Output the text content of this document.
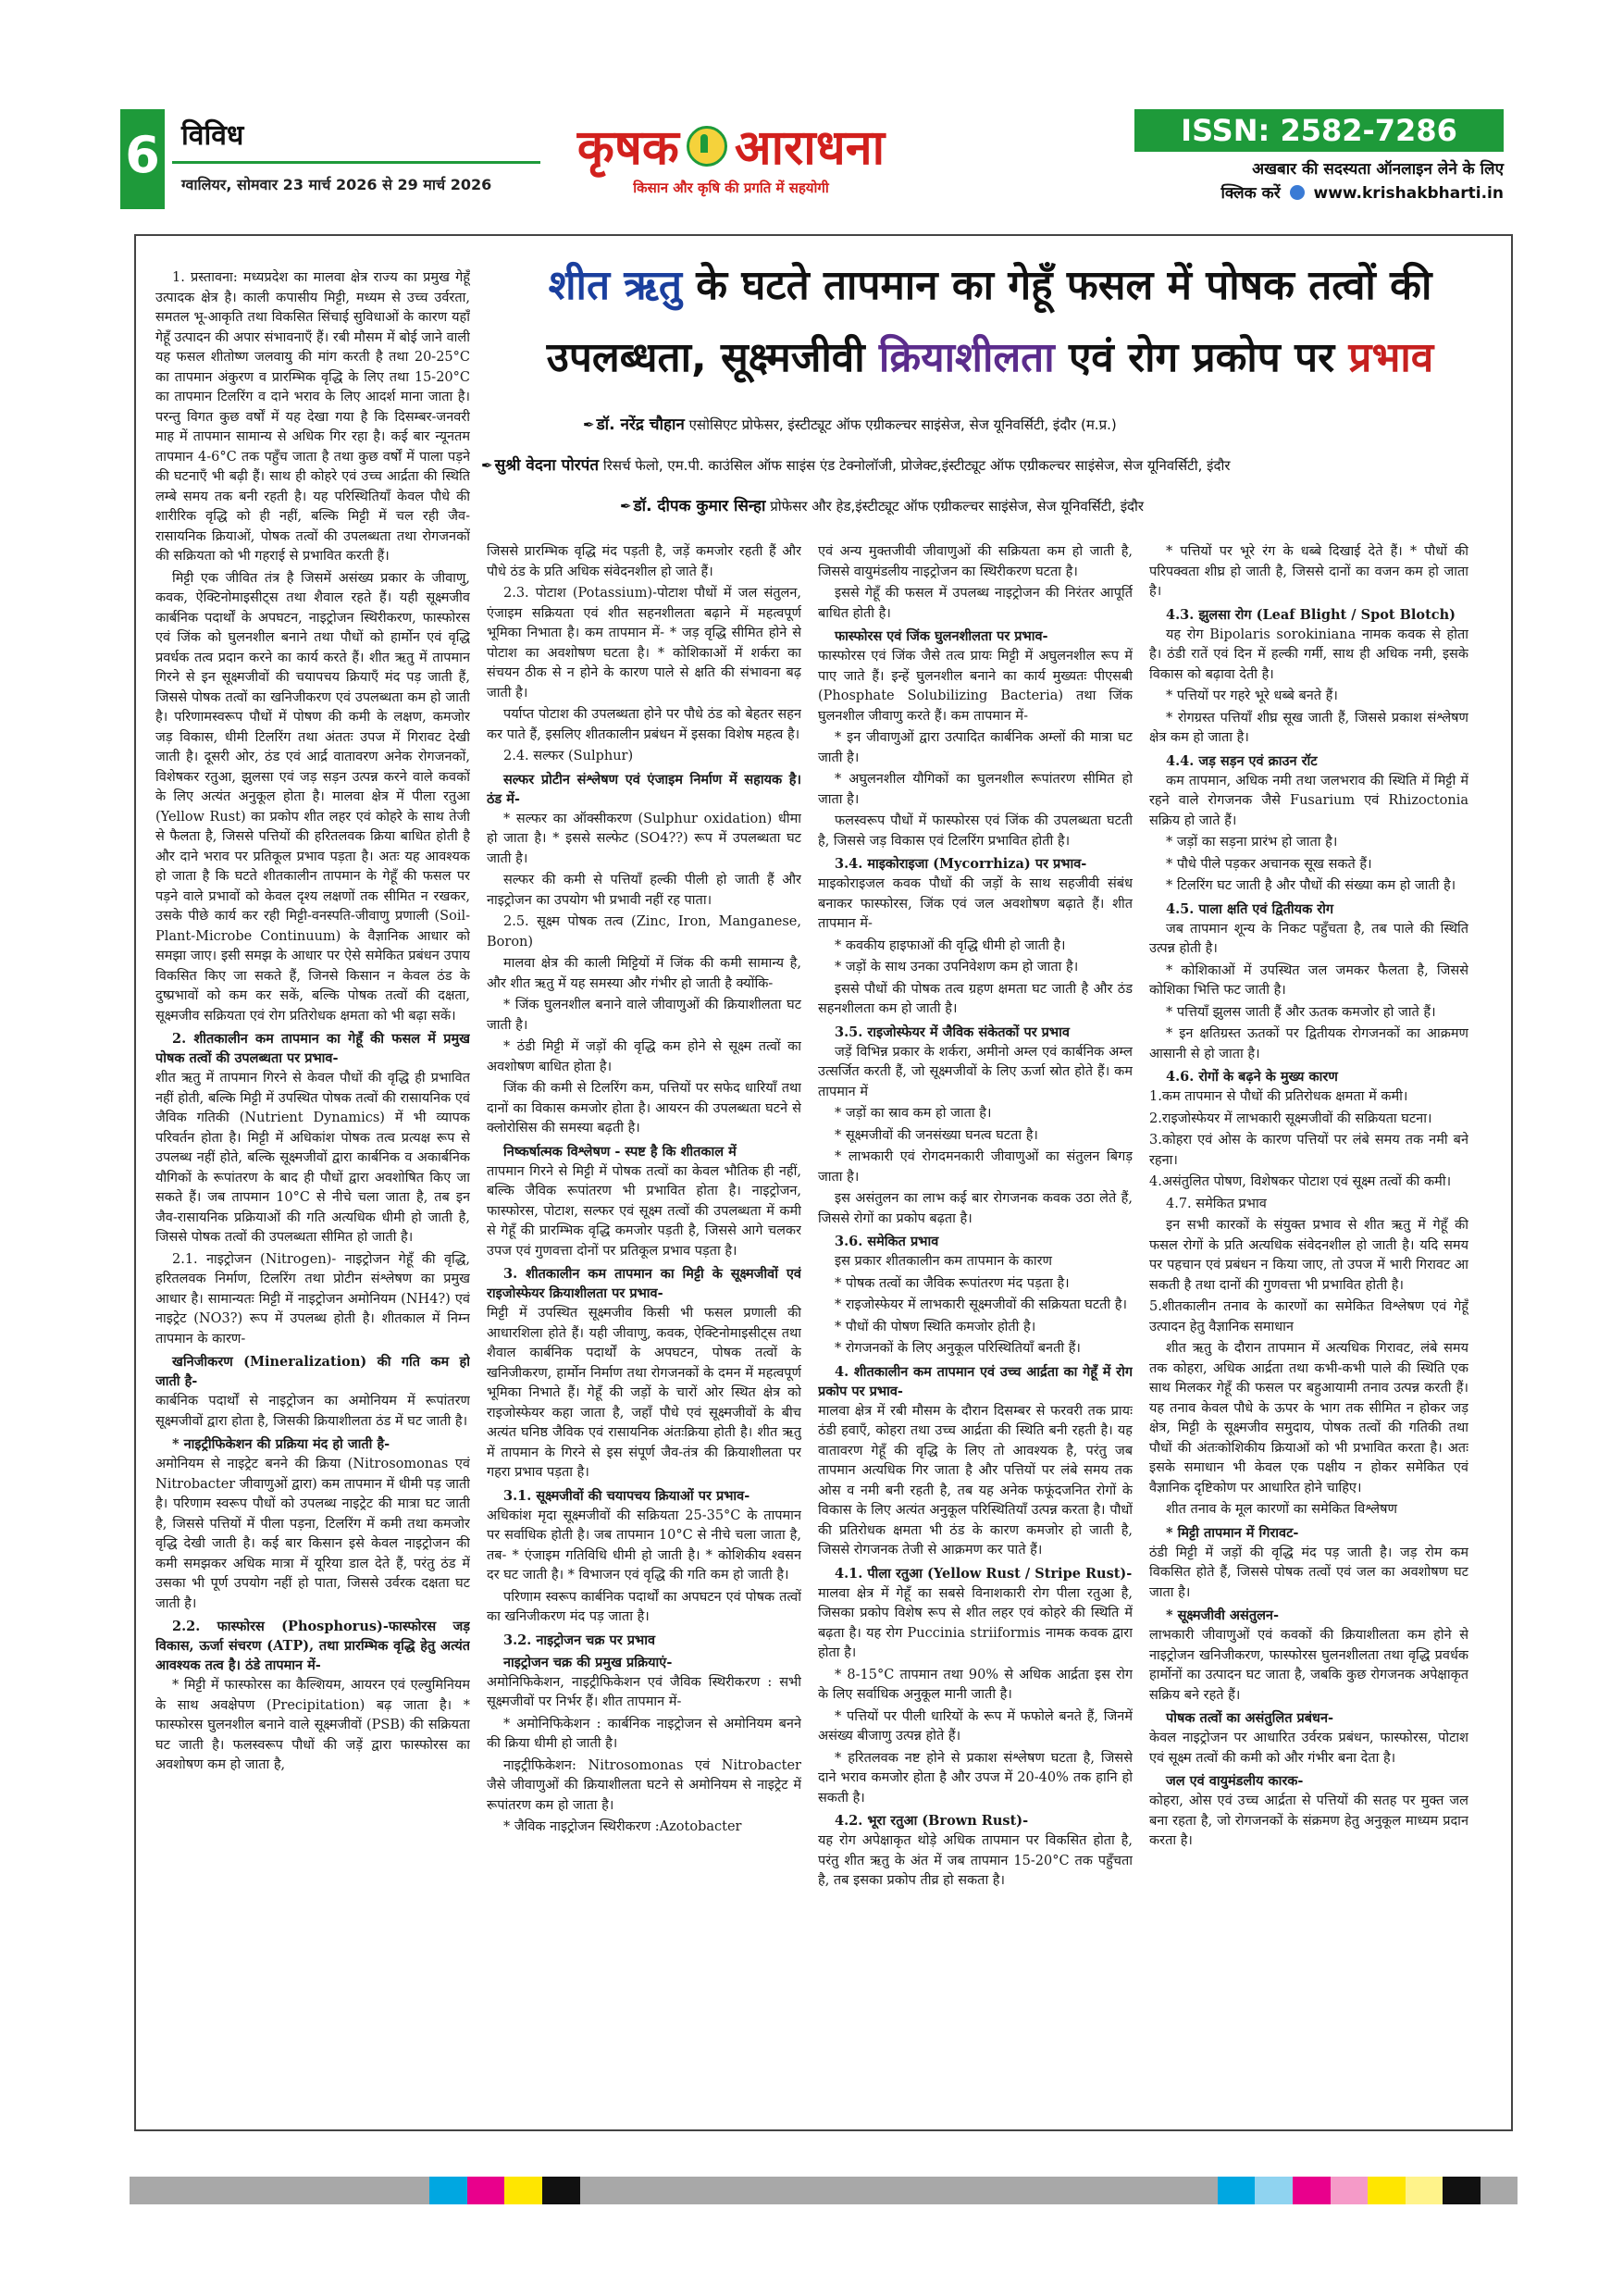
6 विविध
ग्वालियर, सोमवार 23 मार्च 2026 से 29 मार्च 2026
कृषक आराधना
किसान और कृषि की प्रगति में सहयोगी
ISSN: 2582-7286
अखबार की सदस्यता ऑनलाइन लेने के लिए
क्लिक करें www.krishakbharti.in
शीत ऋतु के घटते तापमान का गेहूँ फसल में पोषक तत्वों की उपलब्धता, सूक्ष्मजीवी क्रियाशीलता एवं रोग प्रकोप पर प्रभाव
✒ डॉ. नरेंद्र चौहान एसोसिएट प्रोफेसर, इंस्टीट्यूट ऑफ एग्रीकल्चर साइंसेज, सेज यूनिवर्सिटी, इंदौर (म.प्र.)
✒ सुश्री वेदना पोरपंत रिसर्च फेलो, एम.पी. काउंसिल ऑफ साइंस एंड टेक्नोलॉजी, प्रोजेक्ट,इंस्टीट्यूट ऑफ एग्रीकल्चर साइंसेज, सेज यूनिवर्सिटी, इंदौर
✒ डॉ. दीपक कुमार सिन्हा प्रोफेसर और हेड,इंस्टीट्यूट ऑफ एग्रीकल्चर साइंसेज, सेज यूनिवर्सिटी, इंदौर

1. प्रस्तावना: मध्यप्रदेश का मालवा क्षेत्र राज्य का प्रमुख गेहूँ उत्पादक क्षेत्र है। काली कपासीय मिट्टी, मध्यम से उच्च उर्वरता, समतल भू-आकृति तथा विकसित सिंचाई सुविधाओं के कारण यहाँ गेहूँ उत्पादन की अपार संभावनाएँ हैं। रबी मौसम में बोई जाने वाली यह फसल शीतोष्ण जलवायु की मांग करती है तथा 20-25°C का तापमान अंकुरण व प्रारम्भिक वृद्धि के लिए तथा 15-20°C का तापमान टिलरिंग व दाने भराव के लिए आदर्श माना जाता है। परन्तु विगत कुछ वर्षों में यह देखा गया है कि दिसम्बर-जनवरी माह में तापमान सामान्य से अधिक गिर रहा है। कई बार न्यूनतम तापमान 4-6°C तक पहुँच जाता है तथा कुछ वर्षों में पाला पड़ने की घटनाएँ भी बढ़ी हैं। साथ ही कोहरे एवं उच्च आर्द्रता की स्थिति लम्बे समय तक बनी रहती है। यह परिस्थितियाँ केवल पौधे की शारीरिक वृद्धि को ही नहीं, बल्कि मिट्टी में चल रही जैव-रासायनिक क्रियाओं, पोषक तत्वों की उपलब्धता तथा रोगजनकों की सक्रियता को भी गहराई से प्रभावित करती हैं।

मिट्टी एक जीवित तंत्र है जिसमें असंख्य प्रकार के जीवाणु, कवक, ऐक्टिनोमाइसीट्स तथा शैवाल रहते हैं। यही सूक्ष्मजीव कार्बनिक पदार्थों के अपघटन, नाइट्रोजन स्थिरीकरण, फास्फोरस एवं जिंक को घुलनशील बनाने तथा पौधों को हार्मोन एवं वृद्धि प्रवर्धक तत्व प्रदान करने का कार्य करते हैं। शीत ऋतु में तापमान गिरने से इन सूक्ष्मजीवों की चयापचय क्रियाएँ मंद पड़ जाती हैं, जिससे पोषक तत्वों का खनिजीकरण एवं उपलब्धता कम हो जाती है। परिणामस्वरूप पौधों में पोषण की कमी के लक्षण, कमजोर जड़ विकास, धीमी टिलरिंग तथा अंततः उपज में गिरावट देखी जाती है। दूसरी ओर, ठंड एवं आर्द्र वातावरण अनेक रोगजनकों, विशेषकर रतुआ, झुलसा एवं जड़ सड़न उत्पन्न करने वाले कवकों के लिए अत्यंत अनुकूल होता है। मालवा क्षेत्र में पीला रतुआ (Yellow Rust) का प्रकोप शीत लहर एवं कोहरे के साथ तेजी से फैलता है, जिससे पत्तियों की हरितलवक क्रिया बाधित होती है और दाने भराव पर प्रतिकूल प्रभाव पड़ता है। अतः यह आवश्यक हो जाता है कि घटते शीतकालीन तापमान के गेहूँ की फसल पर पड़ने वाले प्रभावों को केवल दृश्य लक्षणों तक सीमित न रखकर, उसके पीछे कार्य कर रही मिट्टी-वनस्पति-जीवाणु प्रणाली (Soil-Plant-Microbe Continuum) के वैज्ञानिक आधार को समझा जाए। इसी समझ के आधार पर ऐसे समेकित प्रबंधन उपाय विकसित किए जा सकते हैं, जिनसे किसान न केवल ठंड के दुष्प्रभावों को कम कर सकें, बल्कि पोषक तत्वों की दक्षता, सूक्ष्मजीव सक्रियता एवं रोग प्रतिरोधक क्षमता को भी बढ़ा सकें।

2. शीतकालीन कम तापमान का गेहूँ की फसल में प्रमुख पोषक तत्वों की उपलब्धता पर प्रभाव-

शीत ऋतु में तापमान गिरने से केवल पौधों की वृद्धि ही प्रभावित नहीं होती, बल्कि मिट्टी में उपस्थित पोषक तत्वों की रासायनिक एवं जैविक गतिकी (Nutrient Dynamics) में भी व्यापक परिवर्तन होता है। मिट्टी में अधिकांश पोषक तत्व प्रत्यक्ष रूप से उपलब्ध नहीं होते, बल्कि सूक्ष्मजीवों द्वारा कार्बनिक व अकार्बनिक यौगिकों के रूपांतरण के बाद ही पौधों द्वारा अवशोषित किए जा सकते हैं। जब तापमान 10°C से नीचे चला जाता है, तब इन जैव-रासायनिक प्रक्रियाओं की गति अत्यधिक धीमी हो जाती है, जिससे पोषक तत्वों की उपलब्धता सीमित हो जाती है।

2.1. नाइट्रोजन (Nitrogen)- नाइट्रोजन गेहूँ की वृद्धि, हरितलवक निर्माण, टिलरिंग तथा प्रोटीन संश्लेषण का प्रमुख आधार है। सामान्यतः मिट्टी में नाइट्रोजन अमोनियम (NH4?) एवं नाइट्रेट (NO3?) रूप में उपलब्ध होती है। शीतकाल में निम्न तापमान के कारण-

खनिजीकरण (Mineralization) की गति कम हो जाती है-

कार्बनिक पदार्थों से नाइट्रोजन का अमोनियम में रूपांतरण सूक्ष्मजीवों द्वारा होता है, जिसकी क्रियाशीलता ठंड में घट जाती है।

* नाइट्रीफिकेशन की प्रक्रिया मंद हो जाती है-

अमोनियम से नाइट्रेट बनने की क्रिया (Nitrosomonas एवं Nitrobacter जीवाणुओं द्वारा) कम तापमान में धीमी पड़ जाती है। परिणाम स्वरूप पौधों को उपलब्ध नाइट्रेट की मात्रा घट जाती है, जिससे पत्तियों में पीला पड़ना, टिलरिंग में कमी तथा कमजोर वृद्धि देखी जाती है। कई बार किसान इसे केवल नाइट्रोजन की कमी समझकर अधिक मात्रा में यूरिया डाल देते हैं, परंतु ठंड में उसका भी पूर्ण उपयोग नहीं हो पाता, जिससे उर्वरक दक्षता घट जाती है।

2.2. फास्फोरस (Phosphorus)-फास्फोरस जड़ विकास, ऊर्जा संचरण (ATP), तथा प्रारम्भिक वृद्धि हेतु अत्यंत आवश्यक तत्व है। ठंडे तापमान में-

* मिट्टी में फास्फोरस का कैल्शियम, आयरन एवं एल्युमिनियम के साथ अवक्षेपण (Precipitation) बढ़ जाता है। * फास्फोरस घुलनशील बनाने वाले सूक्ष्मजीवों (PSB) की सक्रियता घट जाती है। फलस्वरूप पौधों की जड़ें द्वारा फास्फोरस का अवशोषण कम हो जाता है,

जिससे प्रारम्भिक वृद्धि मंद पड़ती है, जड़ें कमजोर रहती हैं और पौधे ठंड के प्रति अधिक संवेदनशील हो जाते हैं।

2.3. पोटाश (Potassium)-पोटाश पौधों में जल संतुलन, एंजाइम सक्रियता एवं शीत सहनशीलता बढ़ाने में महत्वपूर्ण भूमिका निभाता है। कम तापमान में- * जड़ वृद्धि सीमित होने से पोटाश का अवशोषण घटता है। * कोशिकाओं में शर्करा का संचयन ठीक से न होने के कारण पाले से क्षति की संभावना बढ़ जाती है।

पर्याप्त पोटाश की उपलब्धता होने पर पौधे ठंड को बेहतर सहन कर पाते हैं, इसलिए शीतकालीन प्रबंधन में इसका विशेष महत्व है।

2.4. सल्फर (Sulphur)

सल्फर प्रोटीन संश्लेषण एवं एंजाइम निर्माण में सहायक है। ठंड में-

* सल्फर का ऑक्सीकरण (Sulphur oxidation) धीमा हो जाता है। * इससे सल्फेट (SO4??) रूप में उपलब्धता घट जाती है।

सल्फर की कमी से पत्तियाँ हल्की पीली हो जाती हैं और नाइट्रोजन का उपयोग भी प्रभावी नहीं रह पाता।

2.5. सूक्ष्म पोषक तत्व (Zinc, Iron, Manganese, Boron)

मालवा क्षेत्र की काली मिट्टियों में जिंक की कमी सामान्य है, और शीत ऋतु में यह समस्या और गंभीर हो जाती है क्योंकि-

* जिंक घुलनशील बनाने वाले जीवाणुओं की क्रियाशीलता घट जाती है।

* ठंडी मिट्टी में जड़ों की वृद्धि कम होने से सूक्ष्म तत्वों का अवशोषण बाधित होता है।

जिंक की कमी से टिलरिंग कम, पत्तियों पर सफेद धारियाँ तथा दानों का विकास कमजोर होता है। आयरन की उपलब्धता घटने से क्लोरोसिस की समस्या बढ़ती है।

निष्कर्षात्मक विश्लेषण - स्पष्ट है कि शीतकाल में

तापमान गिरने से मिट्टी में पोषक तत्वों का केवल भौतिक ही नहीं, बल्कि जैविक रूपांतरण भी प्रभावित होता है। नाइट्रोजन, फास्फोरस, पोटाश, सल्फर एवं सूक्ष्म तत्वों की उपलब्धता में कमी से गेहूँ की प्रारम्भिक वृद्धि कमजोर पड़ती है, जिससे आगे चलकर उपज एवं गुणवत्ता दोनों पर प्रतिकूल प्रभाव पड़ता है।

3. शीतकालीन कम तापमान का मिट्टी के सूक्ष्मजीवों एवं राइजोस्फेयर क्रियाशीलता पर प्रभाव-

मिट्टी में उपस्थित सूक्ष्मजीव किसी भी फसल प्रणाली की आधारशिला होते हैं। यही जीवाणु, कवक, ऐक्टिनोमाइसीट्स तथा शैवाल कार्बनिक पदार्थों के अपघटन, पोषक तत्वों के खनिजीकरण, हार्मोन निर्माण तथा रोगजनकों के दमन में महत्वपूर्ण भूमिका निभाते हैं। गेहूँ की जड़ों के चारों ओर स्थित क्षेत्र को राइजोस्फेयर कहा जाता है, जहाँ पौधे एवं सूक्ष्मजीवों के बीच अत्यंत घनिष्ठ जैविक एवं रासायनिक अंतःक्रिया होती है। शीत ऋतु में तापमान के गिरने से इस संपूर्ण जैव-तंत्र की क्रियाशीलता पर गहरा प्रभाव पड़ता है।

3.1. सूक्ष्मजीवों की चयापचय क्रियाओं पर प्रभाव-

अधिकांश मृदा सूक्ष्मजीवों की सक्रियता 25-35°C के तापमान पर सर्वाधिक होती है। जब तापमान 10°C से नीचे चला जाता है, तब- * एंजाइम गतिविधि धीमी हो जाती है। * कोशिकीय श्वसन दर घट जाती है। * विभाजन एवं वृद्धि की गति कम हो जाती है।

परिणाम स्वरूप कार्बनिक पदार्थों का अपघटन एवं पोषक तत्वों का खनिजीकरण मंद पड़ जाता है।

3.2. नाइट्रोजन चक्र पर प्रभाव
नाइट्रोजन चक्र की प्रमुख प्रक्रियाएं-

अमोनिफिकेशन, नाइट्रीफिकेशन एवं जैविक स्थिरीकरण : सभी सूक्ष्मजीवों पर निर्भर हैं। शीत तापमान में-

* अमोनिफिकेशन : कार्बनिक नाइट्रोजन से अमोनियम बनने की क्रिया धीमी हो जाती है।

नाइट्रीफिकेशन: Nitrosomonas एवं Nitrobacter जैसे जीवाणुओं की क्रियाशीलता घटने से अमोनियम से नाइट्रेट में रूपांतरण कम हो जाता है।

* जैविक नाइट्रोजन स्थिरीकरण :Azotobacter

एवं अन्य मुक्तजीवी जीवाणुओं की सक्रियता कम हो जाती है, जिससे वायुमंडलीय नाइट्रोजन का स्थिरीकरण घटता है।

इससे गेहूँ की फसल में उपलब्ध नाइट्रोजन की निरंतर आपूर्ति बाधित होती है।

फास्फोरस एवं जिंक घुलनशीलता पर प्रभाव-

फास्फोरस एवं जिंक जैसे तत्व प्रायः मिट्टी में अघुलनशील रूप में पाए जाते हैं। इन्हें घुलनशील बनाने का कार्य मुख्यतः पीएसबी (Phosphate Solubilizing Bacteria) तथा जिंक घुलनशील जीवाणु करते हैं। कम तापमान में-

* इन जीवाणुओं द्वारा उत्पादित कार्बनिक अम्लों की मात्रा घट जाती है।

* अघुलनशील यौगिकों का घुलनशील रूपांतरण सीमित हो जाता है।

फलस्वरूप पौधों में फास्फोरस एवं जिंक की उपलब्धता घटती है, जिससे जड़ विकास एवं टिलरिंग प्रभावित होती है।

3.4. माइकोराइजा (Mycorrhiza) पर प्रभाव-

माइकोराइजल कवक पौधों की जड़ों के साथ सहजीवी संबंध बनाकर फास्फोरस, जिंक एवं जल अवशोषण बढ़ाते हैं। शीत तापमान में-

* कवकीय हाइफाओं की वृद्धि धीमी हो जाती है।

* जड़ों के साथ उनका उपनिवेशण कम हो जाता है।

इससे पौधों की पोषक तत्व ग्रहण क्षमता घट जाती है और ठंड सहनशीलता कम हो जाती है।

3.5. राइजोस्फेयर में जैविक संकेतकों पर प्रभाव

जड़ें विभिन्न प्रकार के शर्करा, अमीनो अम्ल एवं कार्बनिक अम्ल उत्सर्जित करती हैं, जो सूक्ष्मजीवों के लिए ऊर्जा स्रोत होते हैं। कम तापमान में

* जड़ों का स्राव कम हो जाता है।

* सूक्ष्मजीवों की जनसंख्या घनत्व घटता है।

* लाभकारी एवं रोगदमनकारी जीवाणुओं का संतुलन बिगड़ जाता है।

इस असंतुलन का लाभ कई बार रोगजनक कवक उठा लेते हैं, जिससे रोगों का प्रकोप बढ़ता है।

3.6. समेकित प्रभाव

इस प्रकार शीतकालीन कम तापमान के कारण

* पोषक तत्वों का जैविक रूपांतरण मंद पड़ता है।

* राइजोस्फेयर में लाभकारी सूक्ष्मजीवों की सक्रियता घटती है।

* पौधों की पोषण स्थिति कमजोर होती है।

* रोगजनकों के लिए अनुकूल परिस्थितियाँ बनती हैं।

4. शीतकालीन कम तापमान एवं उच्च आर्द्रता का गेहूँ में रोग प्रकोप पर प्रभाव-

मालवा क्षेत्र में रबी मौसम के दौरान दिसम्बर से फरवरी तक प्रायः ठंडी हवाएँ, कोहरा तथा उच्च आर्द्रता की स्थिति बनी रहती है। यह वातावरण गेहूँ की वृद्धि के लिए तो आवश्यक है, परंतु जब तापमान अत्यधिक गिर जाता है और पत्तियों पर लंबे समय तक ओस व नमी बनी रहती है, तब यह अनेक फफूंदजनित रोगों के विकास के लिए अत्यंत अनुकूल परिस्थितियाँ उत्पन्न करता है। पौधों की प्रतिरोधक क्षमता भी ठंड के कारण कमजोर हो जाती है, जिससे रोगजनक तेजी से आक्रमण कर पाते हैं।

4.1. पीला रतुआ (Yellow Rust / Stripe Rust)-

मालवा क्षेत्र में गेहूँ का सबसे विनाशकारी रोग पीला रतुआ है, जिसका प्रकोप विशेष रूप से शीत लहर एवं कोहरे की स्थिति में बढ़ता है। यह रोग Puccinia striiformis नामक कवक द्वारा होता है।

* 8-15°C तापमान तथा 90% से अधिक आर्द्रता इस रोग के लिए सर्वाधिक अनुकूल मानी जाती है।

* पत्तियों पर पीली धारियों के रूप में फफोले बनते हैं, जिनमें असंख्य बीजाणु उत्पन्न होते हैं।

* हरितलवक नष्ट होने से प्रकाश संश्लेषण घटता है, जिससे दाने भराव कमजोर होता है और उपज में 20-40% तक हानि हो सकती है।

4.2. भूरा रतुआ (Brown Rust)-

यह रोग अपेक्षाकृत थोड़े अधिक तापमान पर विकसित होता है, परंतु शीत ऋतु के अंत में जब तापमान 15-20°C तक पहुँचता है, तब इसका प्रकोप तीव्र हो सकता है।

* पत्तियों पर भूरे रंग के धब्बे दिखाई देते हैं। * पौधों की परिपक्वता शीघ्र हो जाती है, जिससे दानों का वजन कम हो जाता है।

4.3. झुलसा रोग (Leaf Blight / Spot Blotch)

यह रोग Bipolaris sorokiniana नामक कवक से होता है। ठंडी रातें एवं दिन में हल्की गर्मी, साथ ही अधिक नमी, इसके विकास को बढ़ावा देती है।

* पत्तियों पर गहरे भूरे धब्बे बनते हैं।

* रोगग्रस्त पत्तियाँ शीघ्र सूख जाती हैं, जिससे प्रकाश संश्लेषण क्षेत्र कम हो जाता है।

4.4. जड़ सड़न एवं क्राउन रॉट

कम तापमान, अधिक नमी तथा जलभराव की स्थिति में मिट्टी में रहने वाले रोगजनक जैसे Fusarium एवं Rhizoctonia सक्रिय हो जाते हैं।

* जड़ों का सड़ना प्रारंभ हो जाता है।

* पौधे पीले पड़कर अचानक सूख सकते हैं।

* टिलरिंग घट जाती है और पौधों की संख्या कम हो जाती है।

4.5. पाला क्षति एवं द्वितीयक रोग

जब तापमान शून्य के निकट पहुँचता है, तब पाले की स्थिति उत्पन्न होती है।

* कोशिकाओं में उपस्थित जल जमकर फैलता है, जिससे कोशिका भित्ति फट जाती है।

* पत्तियाँ झुलस जाती हैं और ऊतक कमजोर हो जाते हैं।

* इन क्षतिग्रस्त ऊतकों पर द्वितीयक रोगजनकों का आक्रमण आसानी से हो जाता है।

4.6. रोगों के बढ़ने के मुख्य कारण

1.कम तापमान से पौधों की प्रतिरोधक क्षमता में कमी।

2.राइजोस्फेयर में लाभकारी सूक्ष्मजीवों की सक्रियता घटना।

3.कोहरा एवं ओस के कारण पत्तियों पर लंबे समय तक नमी बने रहना।

4.असंतुलित पोषण, विशेषकर पोटाश एवं सूक्ष्म तत्वों की कमी।

4.7. समेकित प्रभाव

इन सभी कारकों के संयुक्त प्रभाव से शीत ऋतु में गेहूँ की फसल रोगों के प्रति अत्यधिक संवेदनशील हो जाती है। यदि समय पर पहचान एवं प्रबंधन न किया जाए, तो उपज में भारी गिरावट आ सकती है तथा दानों की गुणवत्ता भी प्रभावित होती है।

5.शीतकालीन तनाव के कारणों का समेकित विश्लेषण एवं गेहूँ उत्पादन हेतु वैज्ञानिक समाधान

शीत ऋतु के दौरान तापमान में अत्यधिक गिरावट, लंबे समय तक कोहरा, अधिक आर्द्रता तथा कभी-कभी पाले की स्थिति एक साथ मिलकर गेहूँ की फसल पर बहुआयामी तनाव उत्पन्न करती हैं। यह तनाव केवल पौधे के ऊपर के भाग तक सीमित न होकर जड़ क्षेत्र, मिट्टी के सूक्ष्मजीव समुदाय, पोषक तत्वों की गतिकी तथा पौधों की अंतःकोशिकीय क्रियाओं को भी प्रभावित करता है। अतः इसके समाधान भी केवल एक पक्षीय न होकर समेकित एवं वैज्ञानिक दृष्टिकोण पर आधारित होने चाहिए।

शीत तनाव के मूल कारणों का समेकित विश्लेषण

* मिट्टी तापमान में गिरावट-

ठंडी मिट्टी में जड़ों की वृद्धि मंद पड़ जाती है। जड़ रोम कम विकसित होते हैं, जिससे पोषक तत्वों एवं जल का अवशोषण घट जाता है।

* सूक्ष्मजीवी असंतुलन-

लाभकारी जीवाणुओं एवं कवकों की क्रियाशीलता कम होने से नाइट्रोजन खनिजीकरण, फास्फोरस घुलनशीलता तथा वृद्धि प्रवर्धक हार्मोनों का उत्पादन घट जाता है, जबकि कुछ रोगजनक अपेक्षाकृत सक्रिय बने रहते हैं।

पोषक तत्वों का असंतुलित प्रबंधन-

केवल नाइट्रोजन पर आधारित उर्वरक प्रबंधन, फास्फोरस, पोटाश एवं सूक्ष्म तत्वों की कमी को और गंभीर बना देता है।

जल एवं वायुमंडलीय कारक-

कोहरा, ओस एवं उच्च आर्द्रता से पत्तियों की सतह पर मुक्त जल बना रहता है, जो रोगजनकों के संक्रमण हेतु अनुकूल माध्यम प्रदान करता है।
